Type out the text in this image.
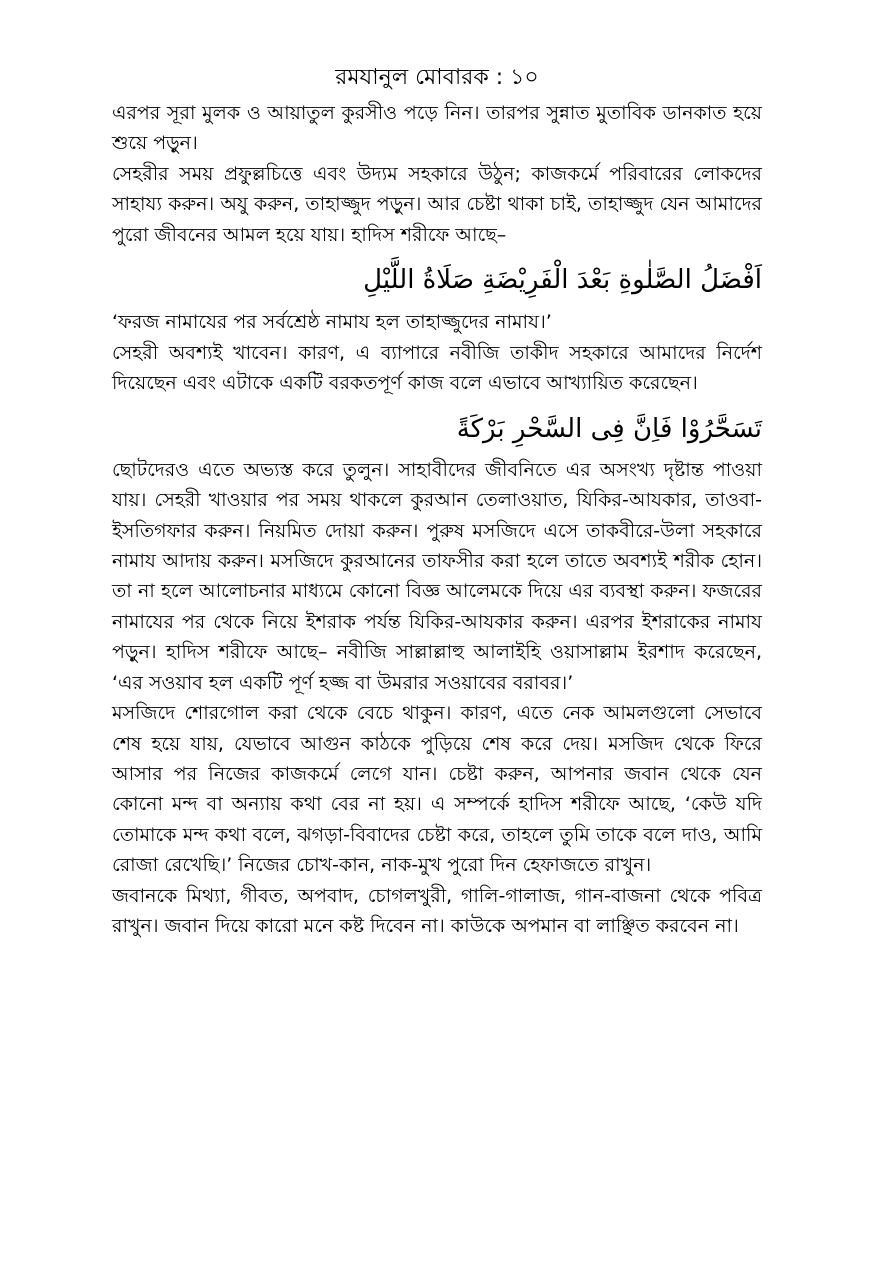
রমযানুল মোবারক : ১০

এরপর সূরা মুলক ও আয়াতুল কুরসীও পড়ে নিন। তারপর সুন্নাত মুতাবিক ডানকাত হয়ে শুয়ে পড়ুন।

সেহরীর সময় প্রফুল্লচিত্তে এবং উদ্যম সহকারে উঠুন; কাজকর্মে পরিবারের লোকদের সাহায্য করুন। অযু করুন, তাহাজ্জুদ পড়ুন। আর চেষ্টা থাকা চাই, তাহাজ্জুদ যেন আমাদের পুরো জীবনের আমল হয়ে যায়। হাদিস শরীফে আছে–

اَفْضَلُ الصَّلٰوةِ بَعْدَ الْفَرِيْضَةِ صَلَاةُ اللَّيْلِ

‘ফরজ নামাযের পর সর্বশ্রেষ্ঠ নামায হল তাহাজ্জুদের নামায।’

সেহরী অবশ্যই খাবেন। কারণ, এ ব্যাপারে নবীজি তাকীদ সহকারে আমাদের নির্দেশ দিয়েছেন এবং এটাকে একটি বরকতপূর্ণ কাজ বলে এভাবে আখ্যায়িত করেছেন।

تَسَحَّرُوْا فَاِنَّ فِى السَّحْرِ بَرْكَةً

ছোটদেরও এতে অভ্যস্ত করে তুলুন। সাহাবীদের জীবনিতে এর অসংখ্য দৃষ্টান্ত পাওয়া যায়। সেহরী খাওয়ার পর সময় থাকলে কুরআন তেলাওয়াত, যিকির-আযকার, তাওবা-ইসতিগফার করুন। নিয়মিত দোয়া করুন। পুরুষ মসজিদে এসে তাকবীরে-উলা সহকারে নামায আদায় করুন। মসজিদে কুরআনের তাফসীর করা হলে তাতে অবশ্যই শরীক হোন। তা না হলে আলোচনার মাধ্যমে কোনো বিজ্ঞ আলেমকে দিয়ে এর ব্যবস্থা করুন। ফজরের নামাযের পর থেকে নিয়ে ইশরাক পর্যন্ত যিকির-আযকার করুন। এরপর ইশরাকের নামায পড়ুন। হাদিস শরীফে আছে– নবীজি সাল্লাল্লাহু আলাইহি ওয়াসাল্লাম ইরশাদ করেছেন, ‘এর সওয়াব হল একটি পূর্ণ হজ্জ বা উমরার সওয়াবের বরাবর।’

মসজিদে শোরগোল করা থেকে বেচে থাকুন। কারণ, এতে নেক আমলগুলো সেভাবে শেষ হয়ে যায়, যেভাবে আগুন কাঠকে পুড়িয়ে শেষ করে দেয়। মসজিদ থেকে ফিরে আসার পর নিজের কাজকর্মে লেগে যান। চেষ্টা করুন, আপনার জবান থেকে যেন কোনো মন্দ বা অন্যায় কথা বের না হয়। এ সম্পর্কে হাদিস শরীফে আছে, ‘কেউ যদি তোমাকে মন্দ কথা বলে, ঝগড়া-বিবাদের চেষ্টা করে, তাহলে তুমি তাকে বলে দাও, আমি রোজা রেখেছি।’ নিজের চোখ-কান, নাক-মুখ পুরো দিন হেফাজতে রাখুন।

জবানকে মিথ্যা, গীবত, অপবাদ, চোগলখুরী, গালি-গালাজ, গান-বাজনা থেকে পবিত্র রাখুন। জবান দিয়ে কারো মনে কষ্ট দিবেন না। কাউকে অপমান বা লাঞ্ছিত করবেন না।
